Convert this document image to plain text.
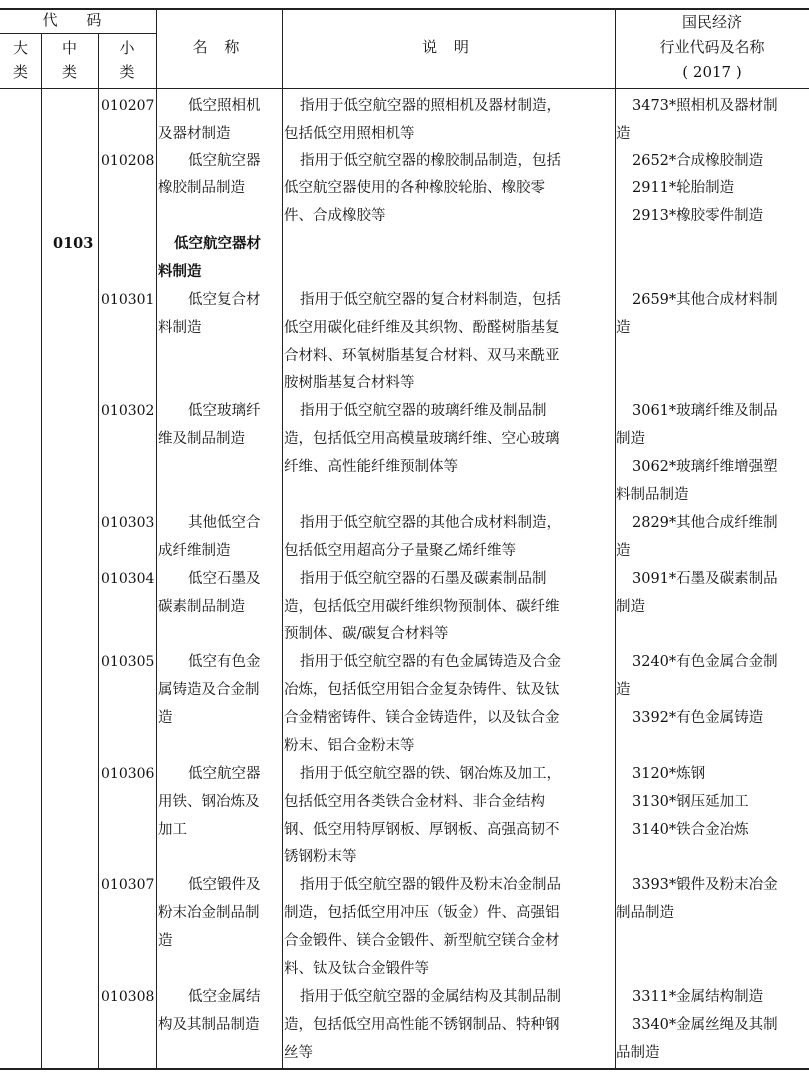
代 码
大
类
中
类
小
类
名 称	说 明
国民经济
行业代码及名称
( 2017 )
010207 低空照相机
及器材制造
指用于低空航空器的照相机及器材制造，
包括低空用照相机等
3473*照相机及器材制
造
010208 低空航空器
橡胶制品制造
指用于低空航空器的橡胶制品制造，包括
低空航空器使用的各种橡胶轮胎、橡胶零
件、合成橡胶等
2652*合成橡胶制造
2911*轮胎制造
2913*橡胶零件制造
0103	低空航空器材
料制造
010301 低空复合材
料制造
指用于低空航空器的复合材料制造，包括
低空用碳化硅纤维及其织物、酚醛树脂基复
合材料、环氧树脂基复合材料、双马来酰亚
胺树脂基复合材料等
2659*其他合成材料制
造
010302 低空玻璃纤
维及制品制造
指用于低空航空器的玻璃纤维及制品制
造，包括低空用高模量玻璃纤维、空心玻璃
纤维、高性能纤维预制体等
3061*玻璃纤维及制品
制造
3062*玻璃纤维增强塑
料制品制造
010303 其他低空合
成纤维制造
指用于低空航空器的其他合成材料制造，
包括低空用超高分子量聚乙烯纤维等
2829*其他合成纤维制
造
010304 低空石墨及
碳素制品制造
指用于低空航空器的石墨及碳素制品制
造，包括低空用碳纤维织物预制体、碳纤维
预制体、碳/碳复合材料等
3091*石墨及碳素制品
制造
010305 低空有色金
属铸造及合金制
造
指用于低空航空器的有色金属铸造及合金
冶炼，包括低空用铝合金复杂铸件、钛及钛
合金精密铸件、镁合金铸造件，以及钛合金
粉末、铝合金粉末等
3240*有色金属合金制
造
3392*有色金属铸造
010306 低空航空器
用铁、钢冶炼及
加工
指用于低空航空器的铁、钢冶炼及加工，
包括低空用各类铁合金材料、非合金结构
钢、低空用特厚钢板、厚钢板、高强高韧不
锈钢粉末等
3120*炼钢
3130*钢压延加工
3140*铁合金冶炼
010307 低空锻件及
粉末冶金制品制
造
指用于低空航空器的锻件及粉末冶金制品
制造，包括低空用冲压（钣金）件、高强铝
合金锻件、镁合金锻件、新型航空镁合金材
料、钛及钛合金锻件等
3393*锻件及粉末冶金
制品制造
010308 低空金属结
构及其制品制造
指用于低空航空器的金属结构及其制品制
造，包括低空用高性能不锈钢制品、特种钢
丝等
3311*金属结构制造
3340*金属丝绳及其制
品制造
